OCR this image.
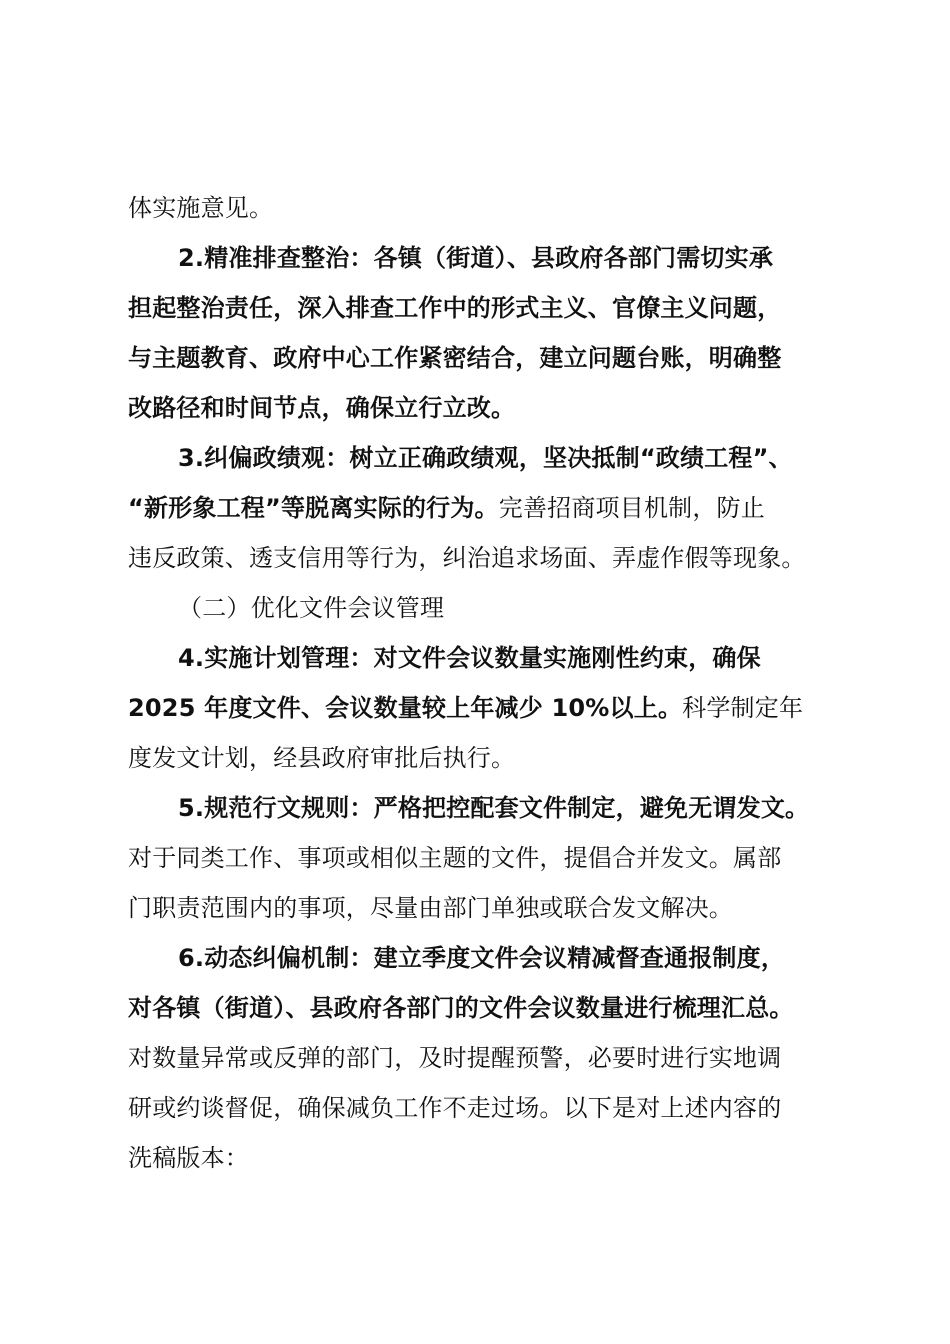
体实施意见。
2.精准排查整治：各镇（街道）、县政府各部门需切实承
担起整治责任，深入排查工作中的形式主义、官僚主义问题，
与主题教育、政府中心工作紧密结合，建立问题台账，明确整
改路径和时间节点，确保立行立改。
3.纠偏政绩观：树立正确政绩观，坚决抵制“政绩工程”、
“新形象工程”等脱离实际的行为。完善招商项目机制，防止
违反政策、透支信用等行为，纠治追求场面、弄虚作假等现象。
（二）优化文件会议管理
4.实施计划管理：对文件会议数量实施刚性约束，确保
2025 年度文件、会议数量较上年减少 10%以上。科学制定年
度发文计划，经县政府审批后执行。
5.规范行文规则：严格把控配套文件制定，避免无谓发文。
对于同类工作、事项或相似主题的文件，提倡合并发文。属部
门职责范围内的事项，尽量由部门单独或联合发文解决。
6.动态纠偏机制：建立季度文件会议精减督查通报制度，
对各镇（街道）、县政府各部门的文件会议数量进行梳理汇总。
对数量异常或反弹的部门，及时提醒预警，必要时进行实地调
研或约谈督促，确保减负工作不走过场。以下是对上述内容的
洗稿版本：
